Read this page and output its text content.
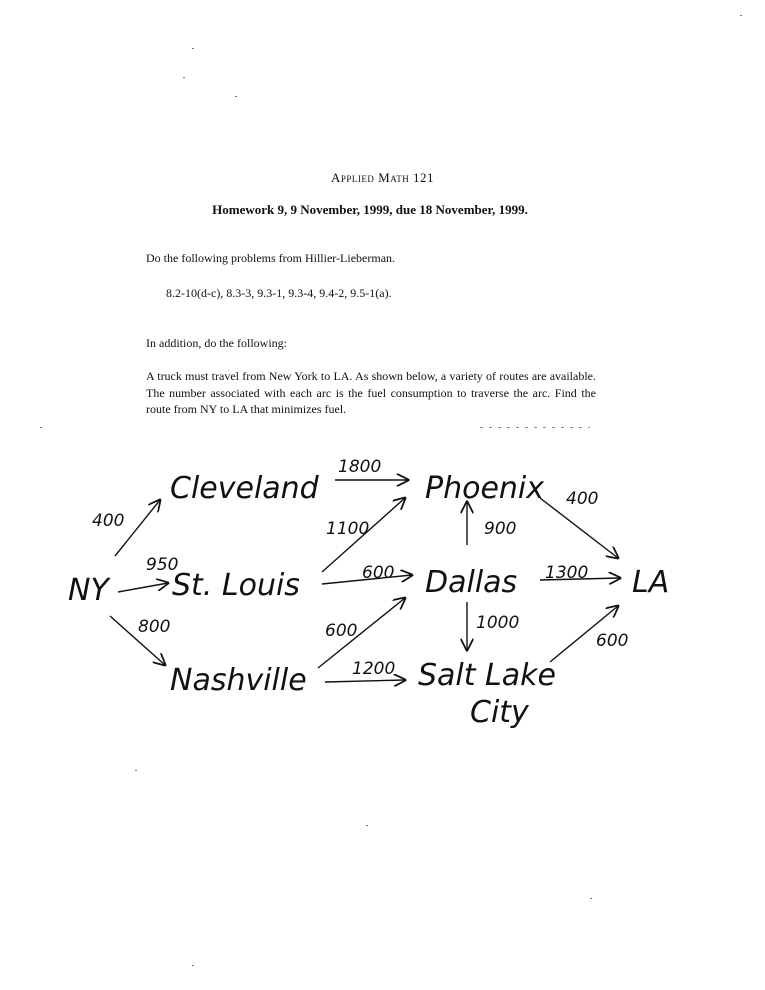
Applied Math 121
Homework 9, 9 November, 1999, due 18 November, 1999.
Do the following problems from Hillier-Lieberman.
8.2-10(d-c), 8.3-3, 9.3-1, 9.3-4, 9.4-2, 9.5-1(a).
In addition, do the following:
A truck must travel from New York to LA. As shown below, a variety of routes are available. The number associated with each arc is the fuel consumption to traverse the arc. Find the route from NY to LA that minimizes fuel.
NY
Cleveland
St. Louis
Nashville
Phoenix
Dallas
Salt Lake
City
LA
400
950
800
1800
1100
600
600
1200
900
1000
400
1300
600
